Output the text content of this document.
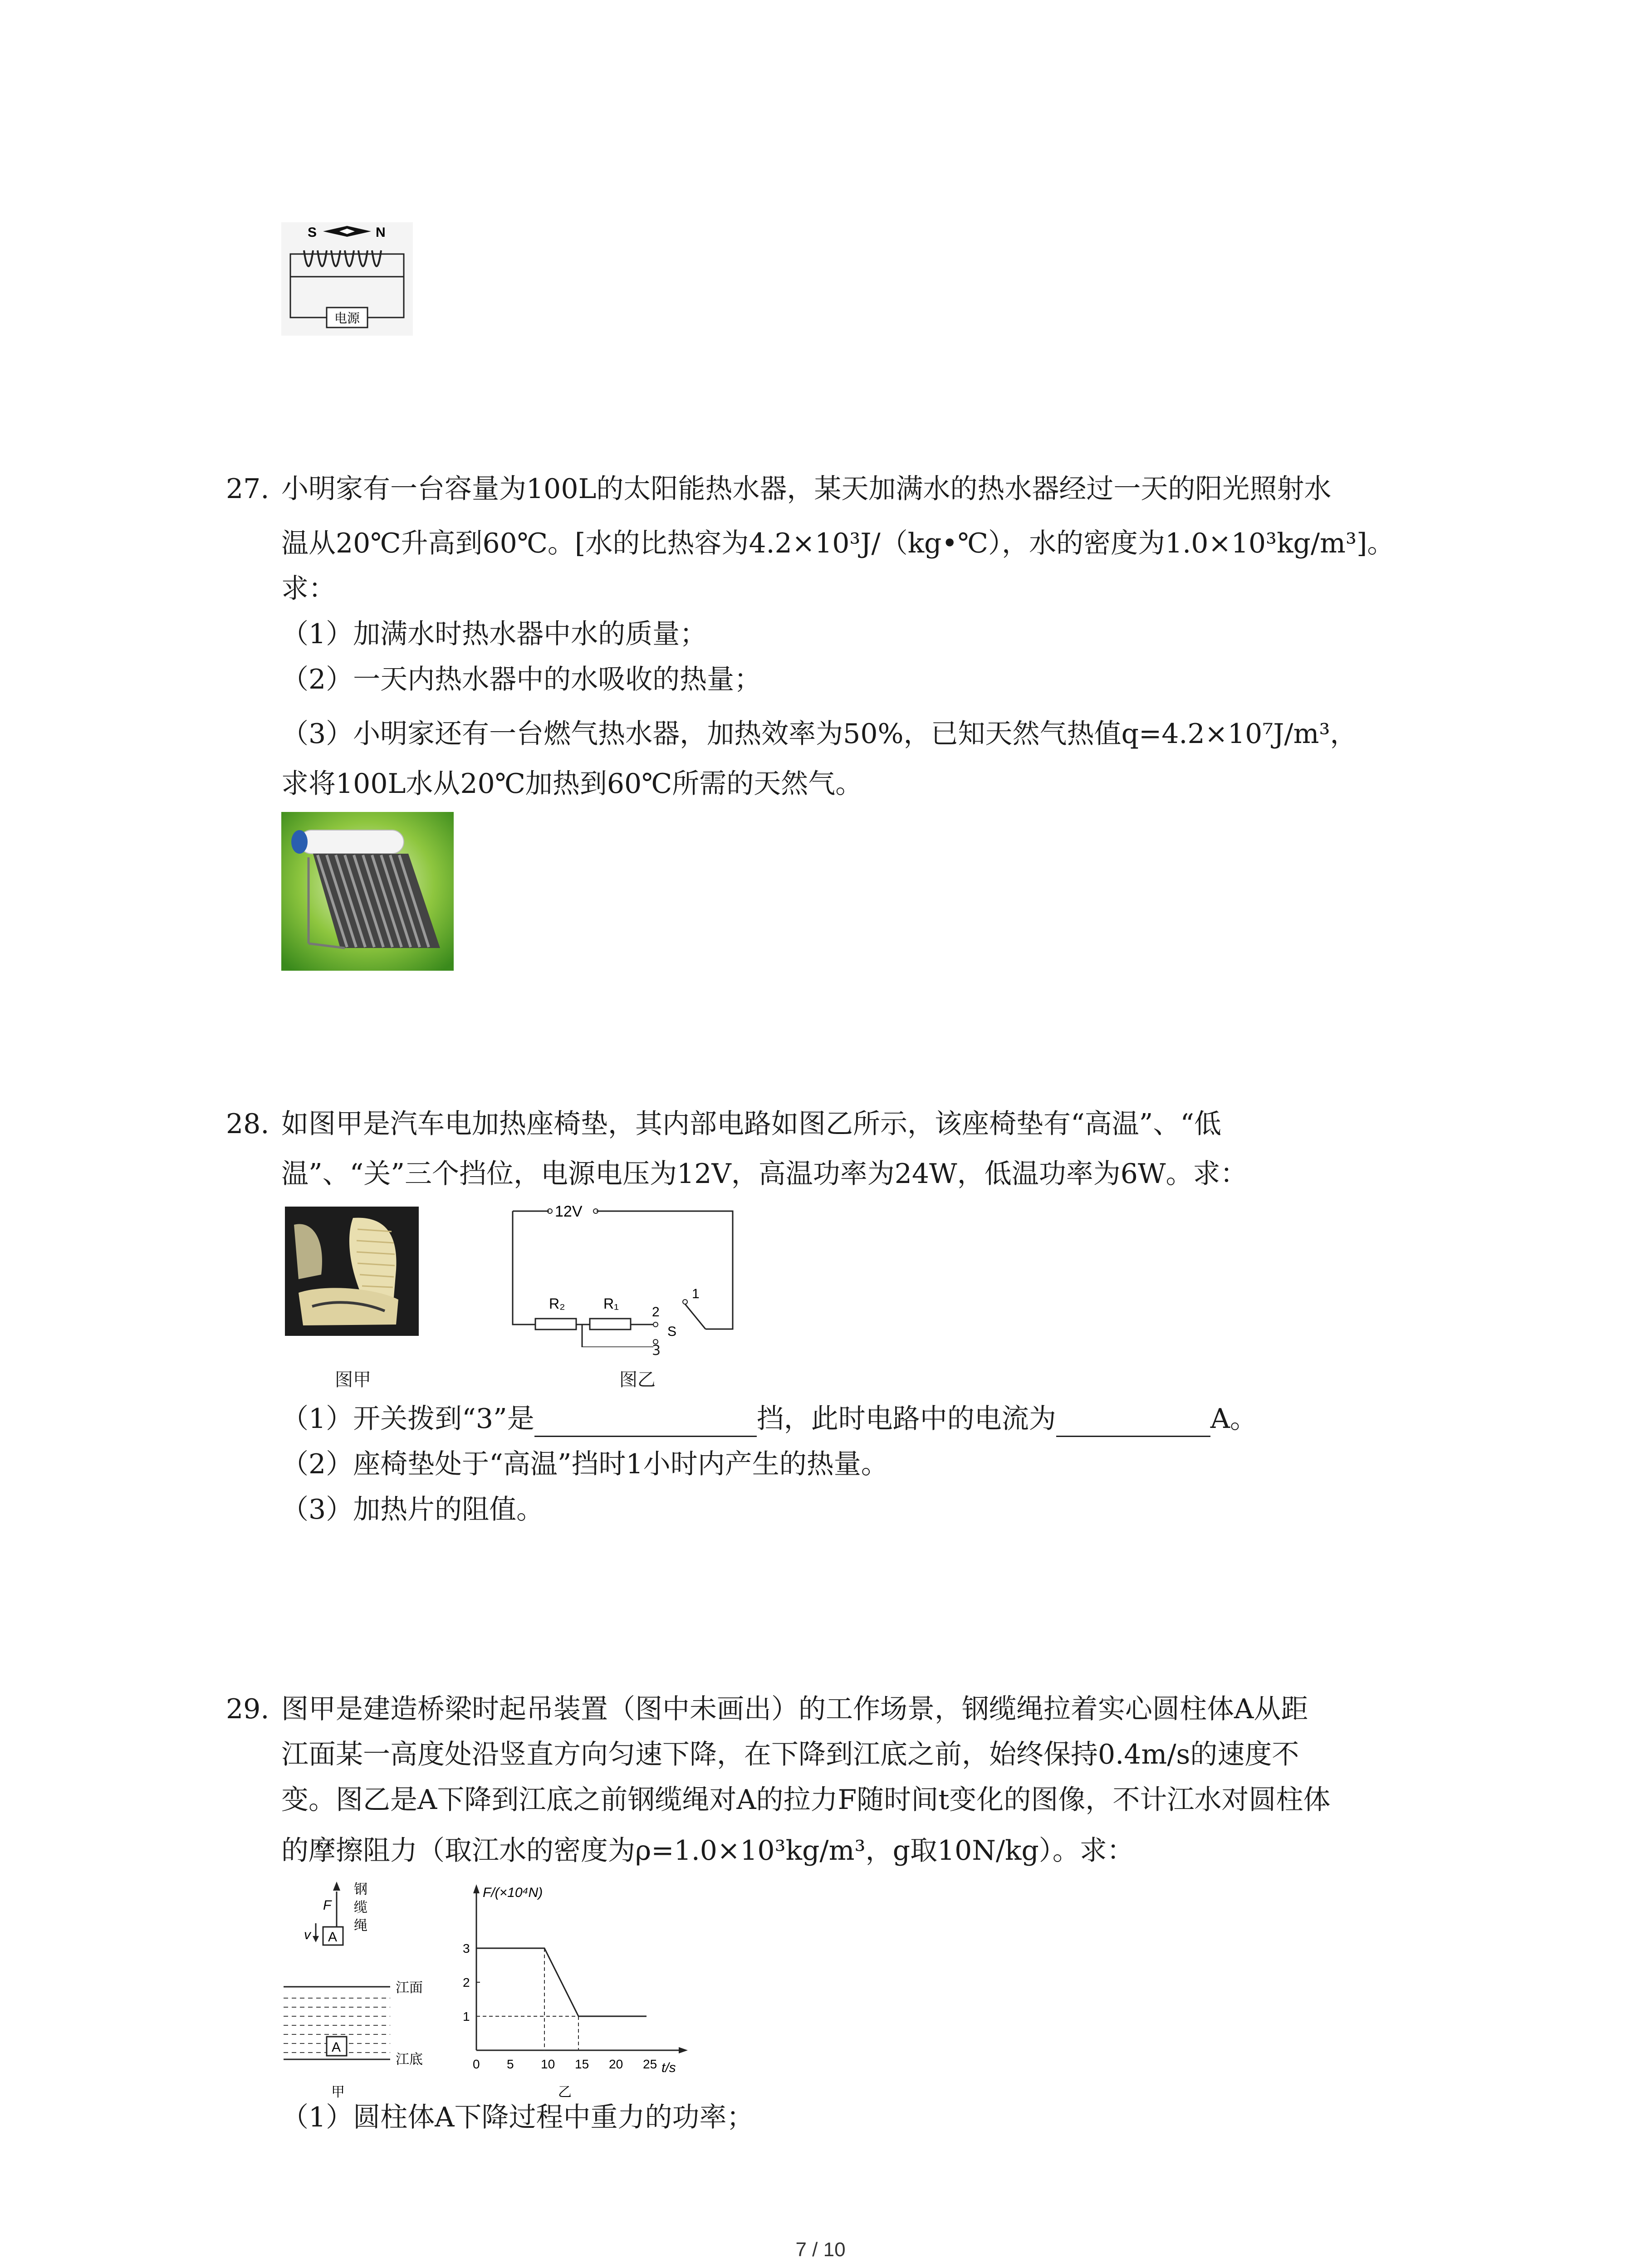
S	N
电源
27. 小明家有一台容量为100L的太阳能热水器，某天加满水的热水器经过一天的阳光照射水
温从20℃升高到60℃。[水的比热容为4.2×10³J/（kg•℃），水的密度为1.0×10³kg/m³]。
求：
（1）加满水时热水器中水的质量；
（2）一天内热水器中的水吸收的热量；
（3）小明家还有一台燃气热水器，加热效率为50%，已知天然气热值q=4.2×10⁷J/m³，
求将100L水从20℃加热到60℃所需的天然气。
28. 如图甲是汽车电加热座椅垫，其内部电路如图乙所示，该座椅垫有“高温”、“低
温”、“关”三个挡位，电源电压为12V，高温功率为24W，低温功率为6W。求：
12V
R₂	R₁
2
1
S
3
图甲	图乙
（1）开关拨到“3”是	挡，此时电路中的电流为	A。
（2）座椅垫处于“高温”挡时1小时内产生的热量。
（3）加热片的阻值。
29. 图甲是建造桥梁时起吊装置（图中未画出）的工作场景，钢缆绳拉着实心圆柱体A从距
江面某一高度处沿竖直方向匀速下降，在下降到江底之前，始终保持0.4m/s的速度不
变。图乙是A下降到江底之前钢缆绳对A的拉力F随时间t变化的图像，不计江水对圆柱体
的摩擦阻力（取江水的密度为ρ=1.0×10³kg/m³，g取10N/kg）。求：
F
钢
缆
绳
v A
江面
A
江底
甲
F/(×10⁴N)
t/s
0 5 10 15 20 25
1
2
3
乙
（1）圆柱体A下降过程中重力的功率；
7 / 10
